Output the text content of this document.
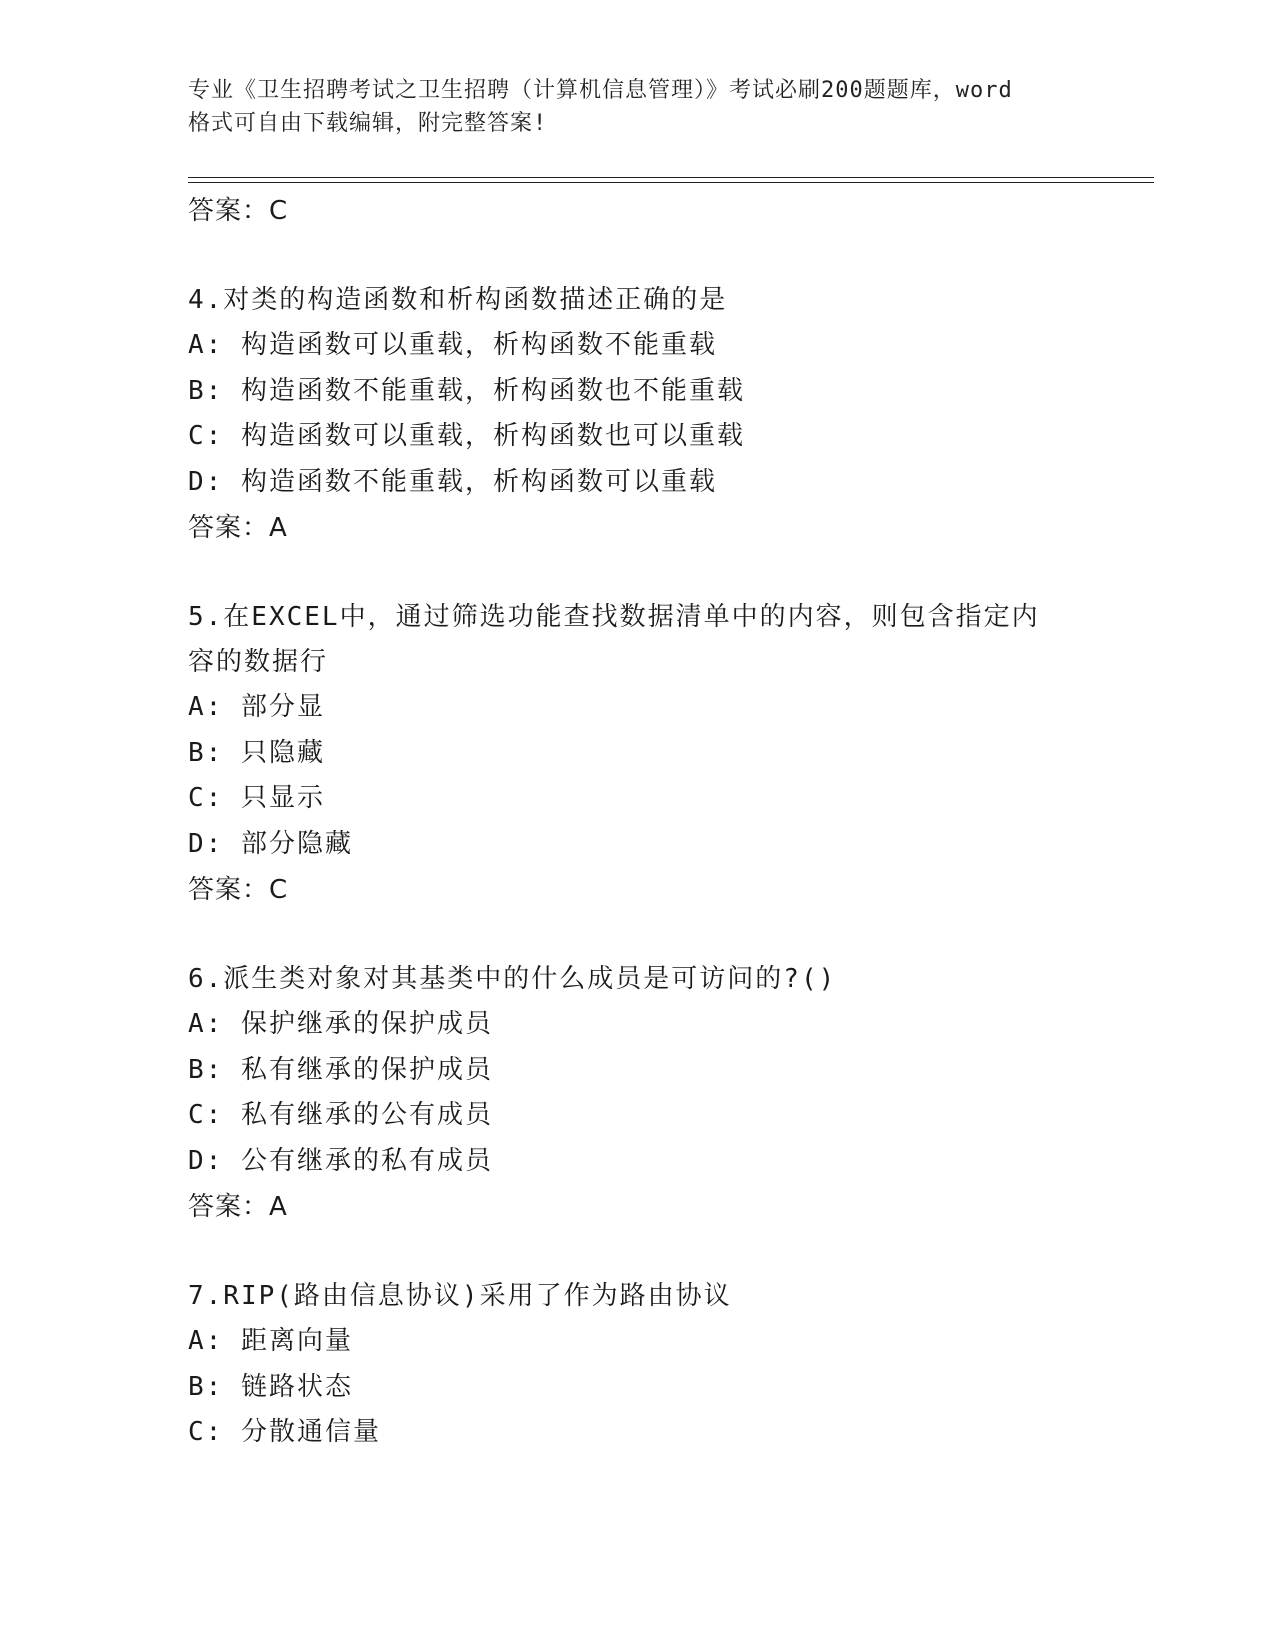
专业《卫生招聘考试之卫生招聘（计算机信息管理）》考试必刷200题题库，word
格式可自由下载编辑，附完整答案!

答案：C

4.对类的构造函数和析构函数描述正确的是

A: 构造函数可以重载，析构函数不能重载

B: 构造函数不能重载，析构函数也不能重载

C: 构造函数可以重载，析构函数也可以重载

D: 构造函数不能重载，析构函数可以重载

答案：A

5.在EXCEL中，通过筛选功能查找数据清单中的内容，则包含指定内

容的数据行

A: 部分显

B: 只隐藏

C: 只显示

D: 部分隐藏

答案：C

6.派生类对象对其基类中的什么成员是可访问的?()

A: 保护继承的保护成员

B: 私有继承的保护成员

C: 私有继承的公有成员

D: 公有继承的私有成员

答案：A

7.RIP(路由信息协议)采用了作为路由协议

A: 距离向量

B: 链路状态

C: 分散通信量
